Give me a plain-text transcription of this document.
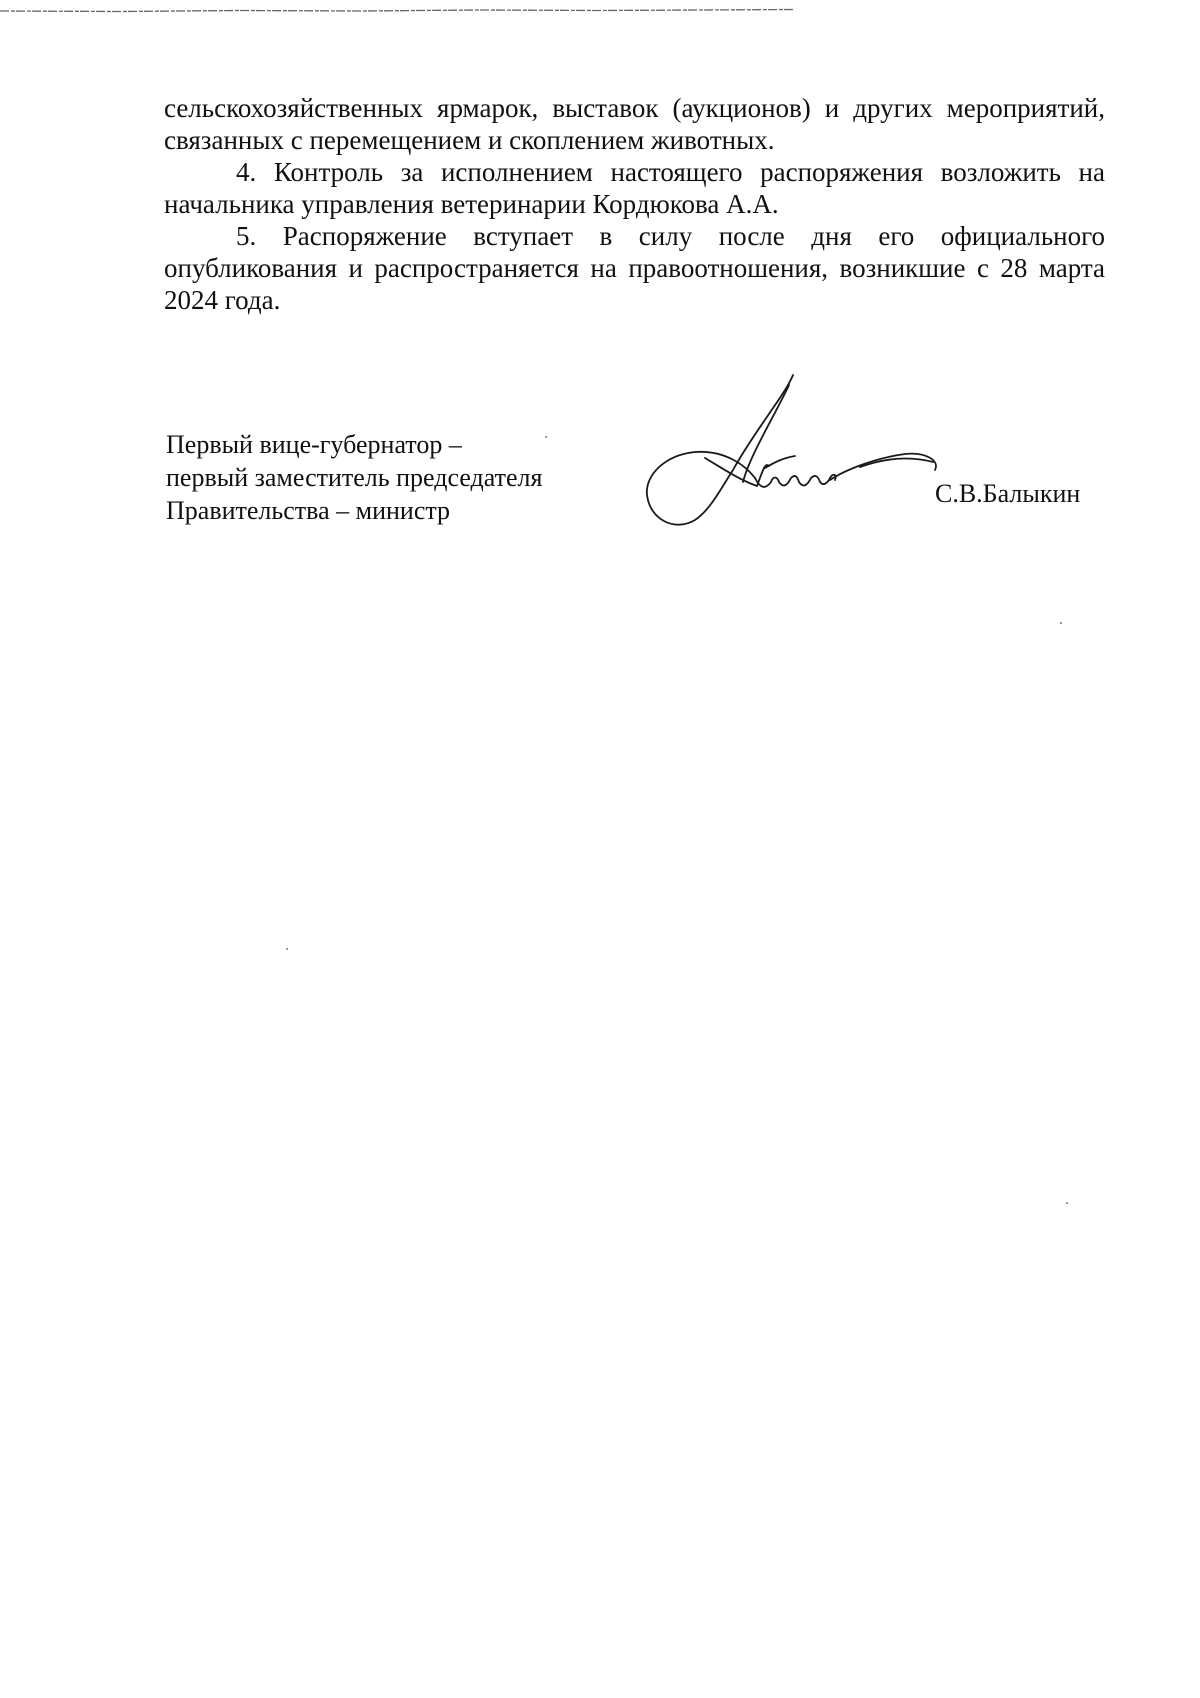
сельскохозяйственных ярмарок, выставок (аукционов) и других мероприятий, связанных с перемещением и скоплением животных.

4. Контроль за исполнением настоящего распоряжения возложить на начальника управления ветеринарии Кордюкова А.А.

5. Распоряжение вступает в силу после дня его официального опубликования и распространяется на правоотношения, возникшие с 28 марта 2024 года.

Первый вице-губернатор –
первый заместитель председателя
Правительства – министр
С.В.Балыкин
